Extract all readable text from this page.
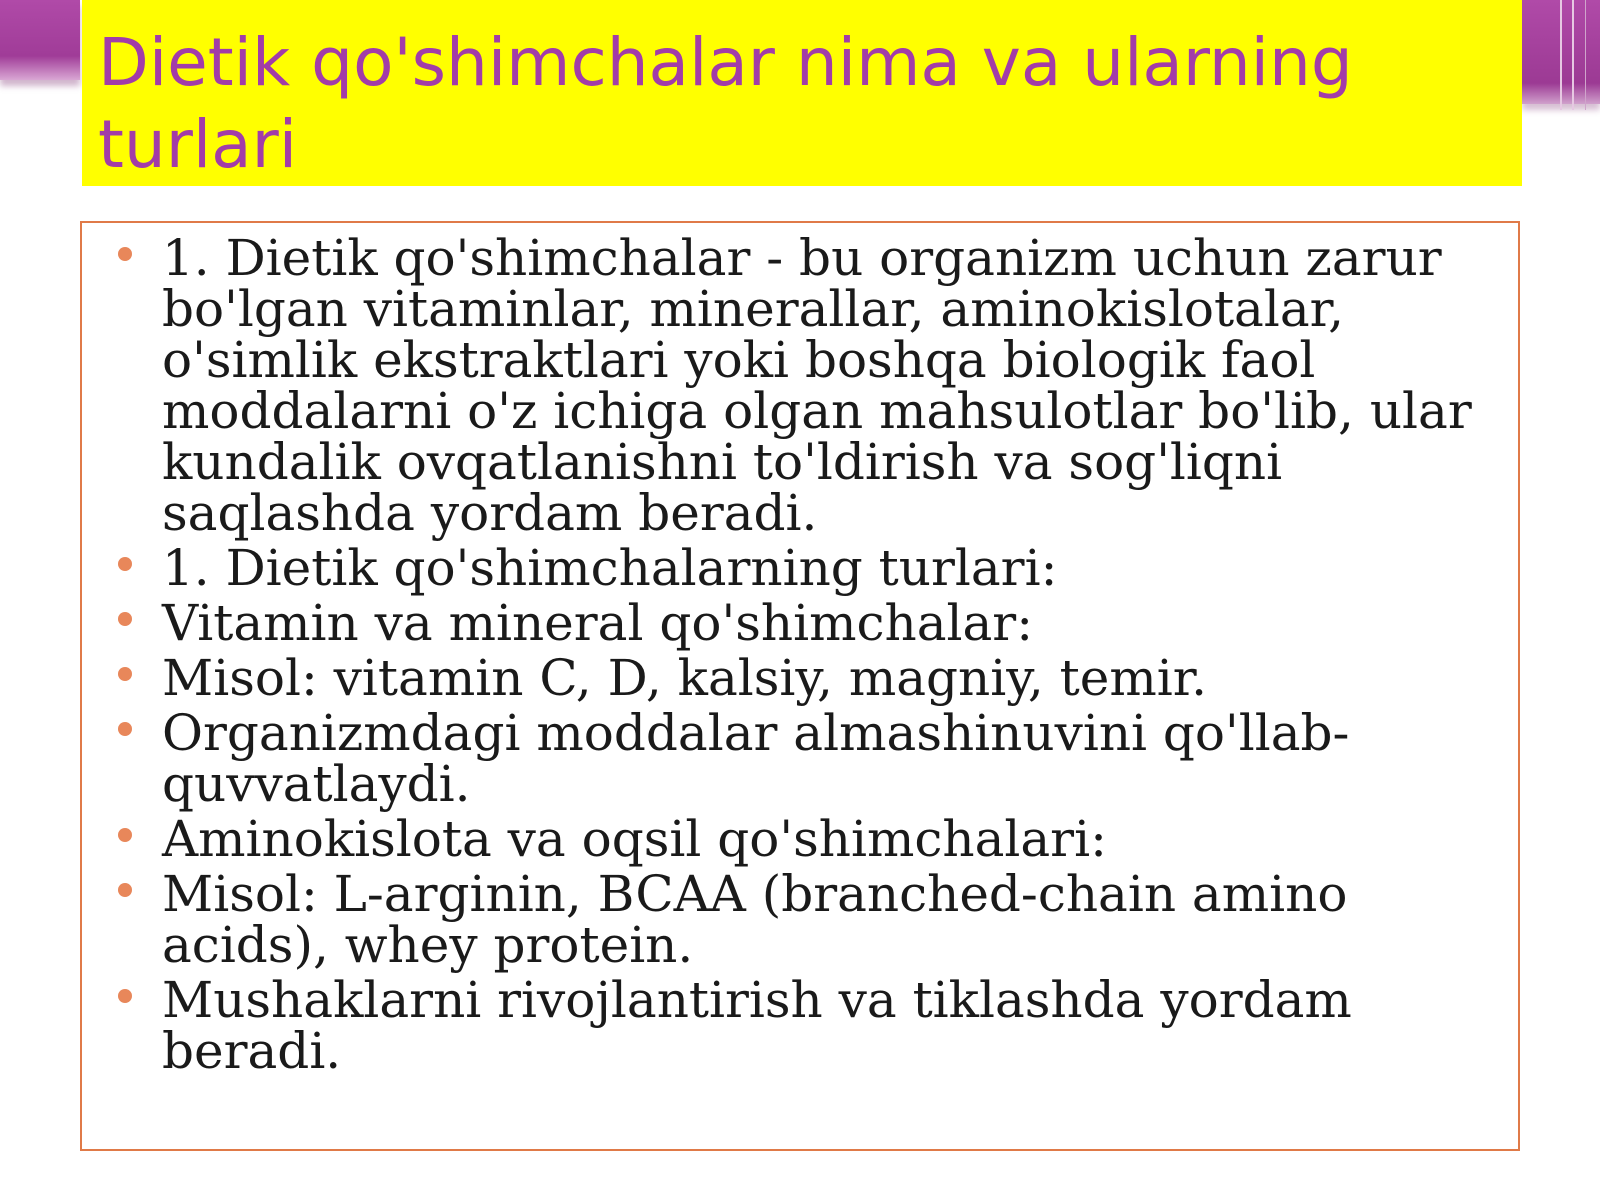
Dietik qo'shimchalar nima va ularning turlari
1. Dietik qo'shimchalar - bu organizm uchun zarur bo'lgan vitaminlar, minerallar, aminokislotalar, o'simlik ekstraktlari yoki boshqa biologik faol moddalarni o'z ichiga olgan mahsulotlar bo'lib, ular kundalik ovqatlanishni to'ldirish va sog'liqni saqlashda yordam beradi.
1. Dietik qo'shimchalarning turlari:
Vitamin va mineral qo'shimchalar:
Misol: vitamin C, D, kalsiy, magniy, temir.
Organizmdagi moddalar almashinuvini qo'llab-quvvatlaydi.
Aminokislota va oqsil qo'shimchalari:
Misol: L-arginin, BCAA (branched-chain amino acids), whey protein.
Mushaklarni rivojlantirish va tiklashda yordam beradi.
